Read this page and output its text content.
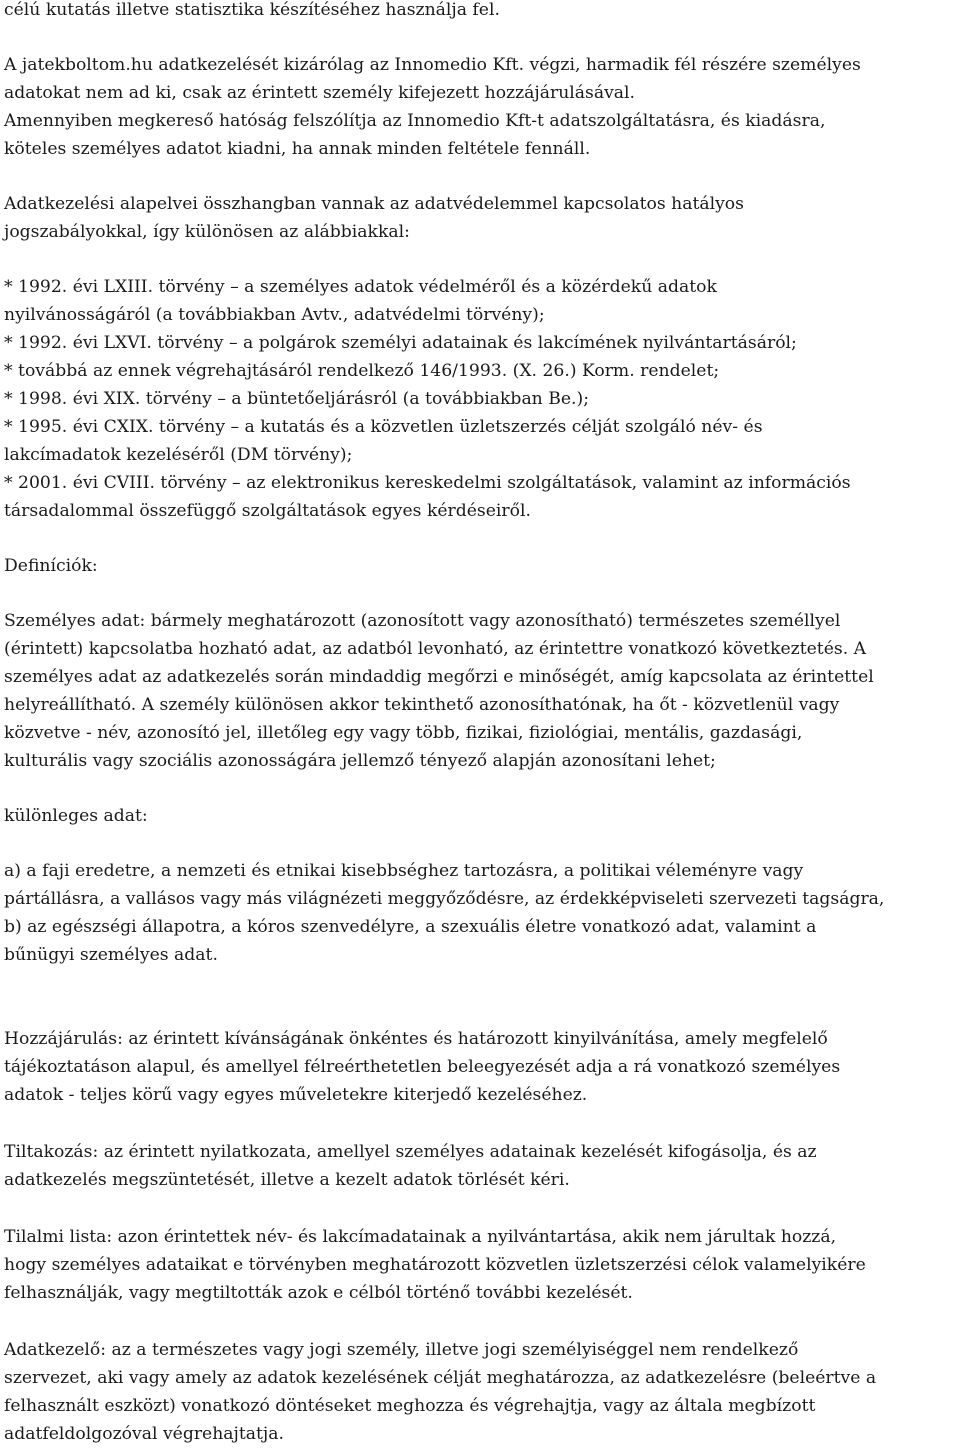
célú kutatás illetve statisztika készítéséhez használja fel.
A jatekboltom.hu adatkezelését kizárólag az Innomedio Kft. végzi, harmadik fél részére személyes
adatokat nem ad ki, csak az érintett személy kifejezett hozzájárulásával.
Amennyiben megkereső hatóság felszólítja az Innomedio Kft-t adatszolgáltatásra, és kiadásra,
köteles személyes adatot kiadni, ha annak minden feltétele fennáll.
Adatkezelési alapelvei összhangban vannak az adatvédelemmel kapcsolatos hatályos
jogszabályokkal, így különösen az alábbiakkal:
* 1992. évi LXIII. törvény – a személyes adatok védelméről és a közérdekű adatok
nyilvánosságáról (a továbbiakban Avtv., adatvédelmi törvény);
* 1992. évi LXVI. törvény – a polgárok személyi adatainak és lakcímének nyilvántartásáról;
* továbbá az ennek végrehajtásáról rendelkező 146/1993. (X. 26.) Korm. rendelet;
* 1998. évi XIX. törvény – a büntetőeljárásról (a továbbiakban Be.);
* 1995. évi CXIX. törvény – a kutatás és a közvetlen üzletszerzés célját szolgáló név- és
lakcímadatok kezeléséről (DM törvény);
* 2001. évi CVIII. törvény – az elektronikus kereskedelmi szolgáltatások, valamint az információs
társadalommal összefüggő szolgáltatások egyes kérdéseiről.
Definíciók:
Személyes adat: bármely meghatározott (azonosított vagy azonosítható) természetes személlyel
(érintett) kapcsolatba hozható adat, az adatból levonható, az érintettre vonatkozó következtetés. A
személyes adat az adatkezelés során mindaddig megőrzi e minőségét, amíg kapcsolata az érintettel
helyreállítható. A személy különösen akkor tekinthető azonosíthatónak, ha őt - közvetlenül vagy
közvetve - név, azonosító jel, illetőleg egy vagy több, fizikai, fiziológiai, mentális, gazdasági,
kulturális vagy szociális azonosságára jellemző tényező alapján azonosítani lehet;
különleges adat:
a) a faji eredetre, a nemzeti és etnikai kisebbséghez tartozásra, a politikai véleményre vagy
pártállásra, a vallásos vagy más világnézeti meggyőződésre, az érdekképviseleti szervezeti tagságra,
b) az egészségi állapotra, a kóros szenvedélyre, a szexuális életre vonatkozó adat, valamint a
bűnügyi személyes adat.
Hozzájárulás: az érintett kívánságának önkéntes és határozott kinyilvánítása, amely megfelelő
tájékoztatáson alapul, és amellyel félreérthetetlen beleegyezését adja a rá vonatkozó személyes
adatok - teljes körű vagy egyes műveletekre kiterjedő kezeléséhez.
Tiltakozás: az érintett nyilatkozata, amellyel személyes adatainak kezelését kifogásolja, és az
adatkezelés megszüntetését, illetve a kezelt adatok törlését kéri.
Tilalmi lista: azon érintettek név- és lakcímadatainak a nyilvántartása, akik nem járultak hozzá,
hogy személyes adataikat e törvényben meghatározott közvetlen üzletszerzési célok valamelyikére
felhasználják, vagy megtiltották azok e célból történő további kezelését.
Adatkezelő: az a természetes vagy jogi személy, illetve jogi személyiséggel nem rendelkező
szervezet, aki vagy amely az adatok kezelésének célját meghatározza, az adatkezelésre (beleértve a
felhasznált eszközt) vonatkozó döntéseket meghozza és végrehajtja, vagy az általa megbízott
adatfeldolgozóval végrehajtatja.
